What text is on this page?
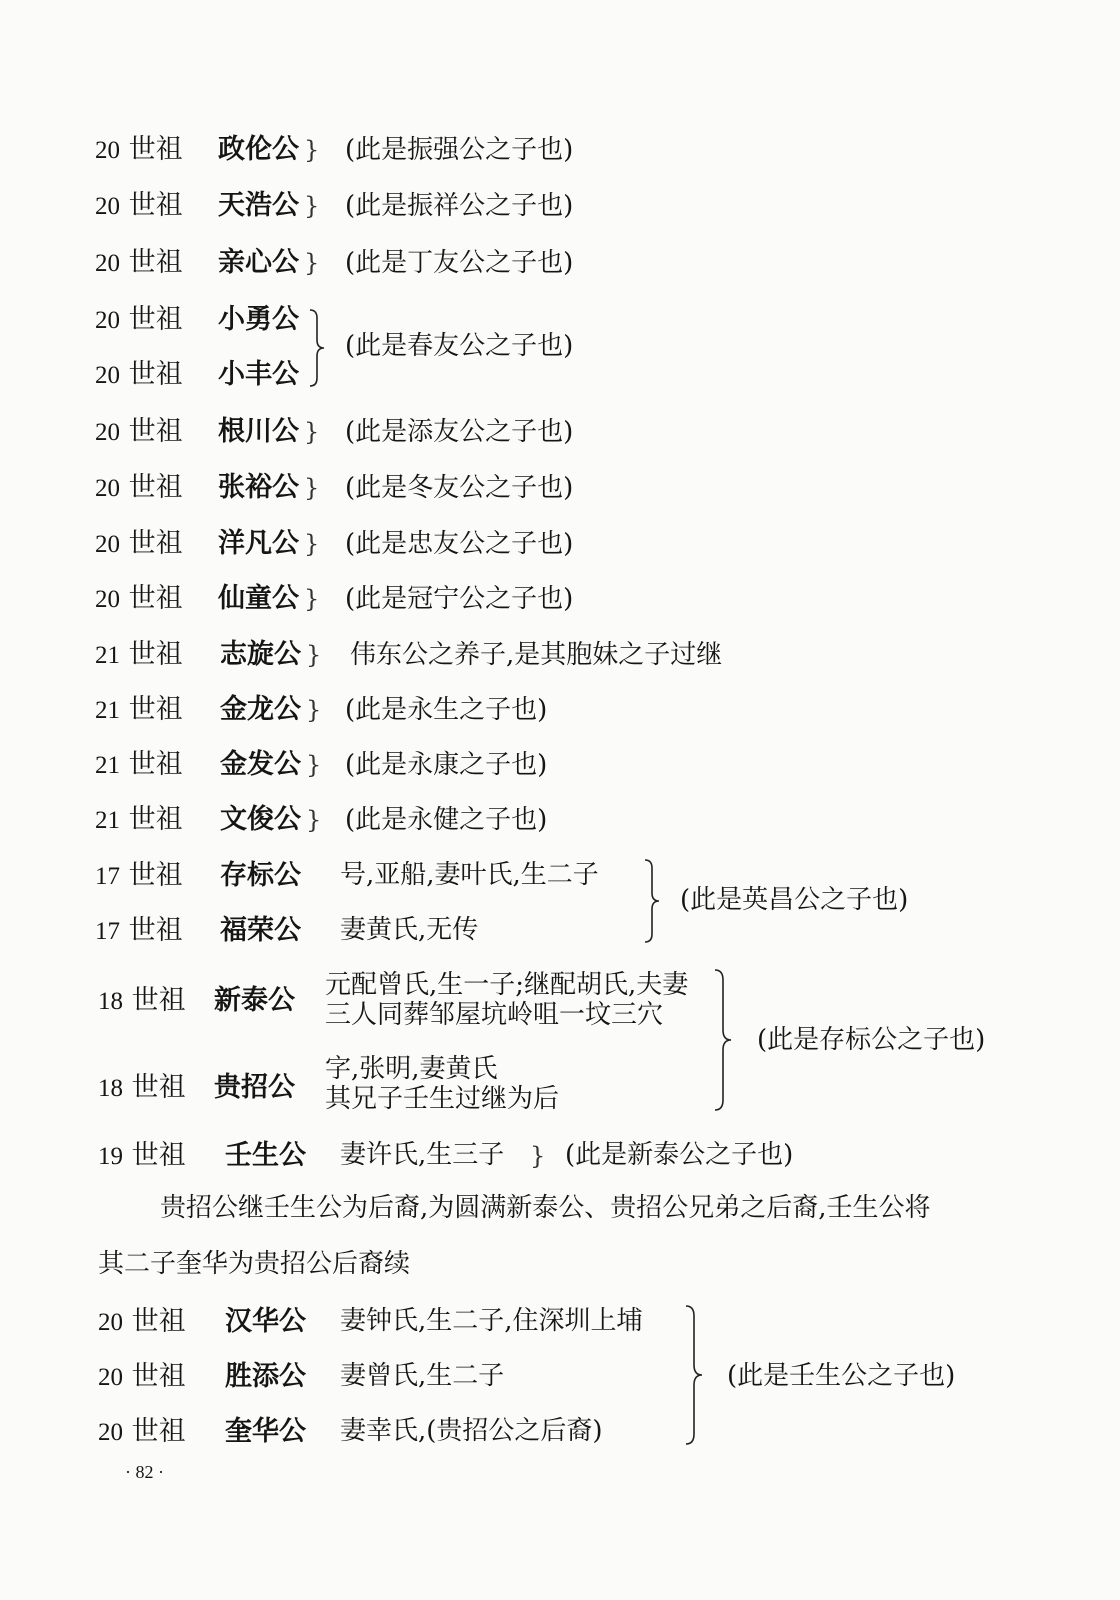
20 世祖 政伦公 } (此是振强公之子也)
20 世祖 天浩公 } (此是振祥公之子也)
20 世祖 亲心公 } (此是丁友公之子也)
20 世祖 小勇公
20 世祖 小丰公
(此是春友公之子也)
20 世祖 根川公 } (此是添友公之子也)
20 世祖 张裕公 } (此是冬友公之子也)
20 世祖 洋凡公 } (此是忠友公之子也)
20 世祖 仙童公 } (此是冠宁公之子也)
21 世祖 志旋公 } 伟东公之养子,是其胞妹之子过继
21 世祖 金龙公 } (此是永生之子也)
21 世祖 金发公 } (此是永康之子也)
21 世祖 文俊公 } (此是永健之子也)
17 世祖 存标公 号,亚船,妻叶氏,生二子
17 世祖 福荣公 妻黄氏,无传
(此是英昌公之子也)
18 世祖 新泰公 元配曾氏,生一子;继配胡氏,夫妻
三人同葬邹屋坑岭咀一坟三穴
18 世祖 贵招公
字,张明,妻黄氏
其兄子壬生过继为后
(此是存标公之子也)
19 世祖 壬生公 妻许氏,生三子 } (此是新泰公之子也)
贵招公继壬生公为后裔,为圆满新泰公、贵招公兄弟之后裔,壬生公将
其二子奎华为贵招公后裔续
20 世祖 汉华公 妻钟氏,生二子,住深圳上埔
20 世祖 胜添公 妻曾氏,生二子
20 世祖 奎华公 妻幸氏,(贵招公之后裔)
(此是壬生公之子也)
· 82 ·
